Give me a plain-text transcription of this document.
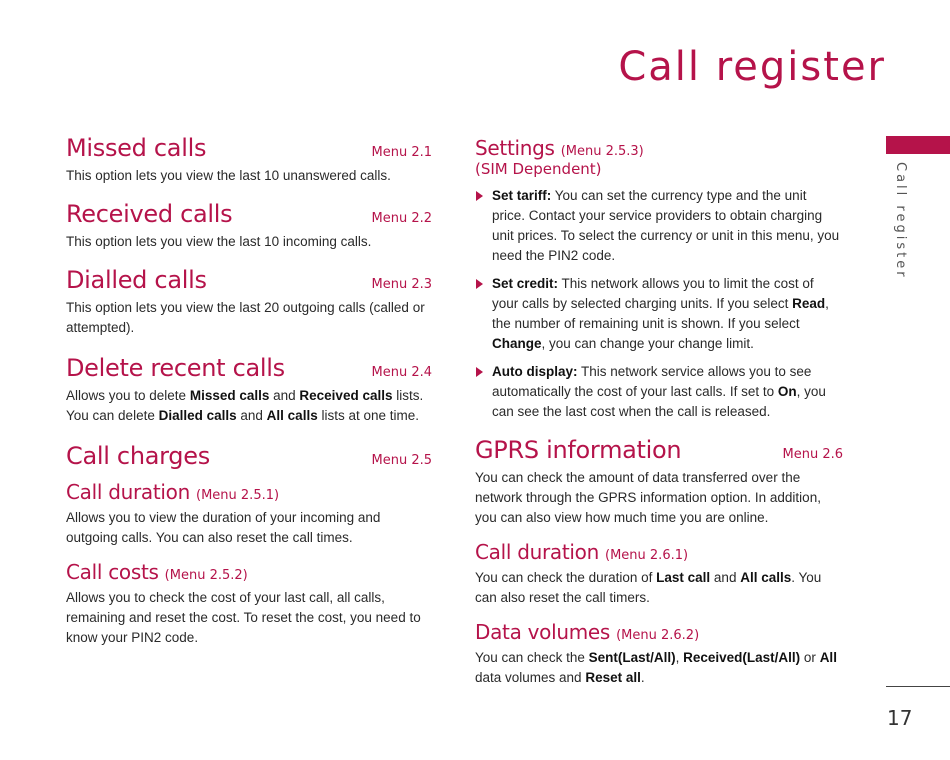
Call register
Call register
17
Missed calls	Menu 2.1

This option lets you view the last 10 unanswered calls.

Received calls	Menu 2.2

This option lets you view the last 10 incoming calls.

Dialled calls	Menu 2.3

This option lets you view the last 20 outgoing calls (called or attempted).

Delete recent calls	Menu 2.4

Allows you to delete Missed calls and Received calls lists. You can delete Dialled calls and All calls lists at one time.

Call charges	Menu 2.5
Call duration (Menu 2.5.1)

Allows you to view the duration of your incoming and outgoing calls. You can also reset the call times.

Call costs (Menu 2.5.2)

Allows you to check the cost of your last call, all calls, remaining and reset the cost. To reset the cost, you need to know your PIN2 code.

Settings (Menu 2.5.3)
(SIM Dependent)

Set tariff: You can set the currency type and the unit price. Contact your service providers to obtain charging unit prices. To select the currency or unit in this menu, you need the PIN2 code.

Set credit: This network allows you to limit the cost of your calls by selected charging units. If you select Read, the number of remaining unit is shown. If you select Change, you can change your change limit.

Auto display: This network service allows you to see automatically the cost of your last calls. If set to On, you can see the last cost when the call is released.

GPRS information	Menu 2.6

You can check the amount of data transferred over the network through the GPRS information option. In addition, you can also view how much time you are online.

Call duration (Menu 2.6.1)

You can check the duration of Last call and All calls. You can also reset the call timers.

Data volumes (Menu 2.6.2)

You can check the Sent(Last/All), Received(Last/All) or All data volumes and Reset all.
